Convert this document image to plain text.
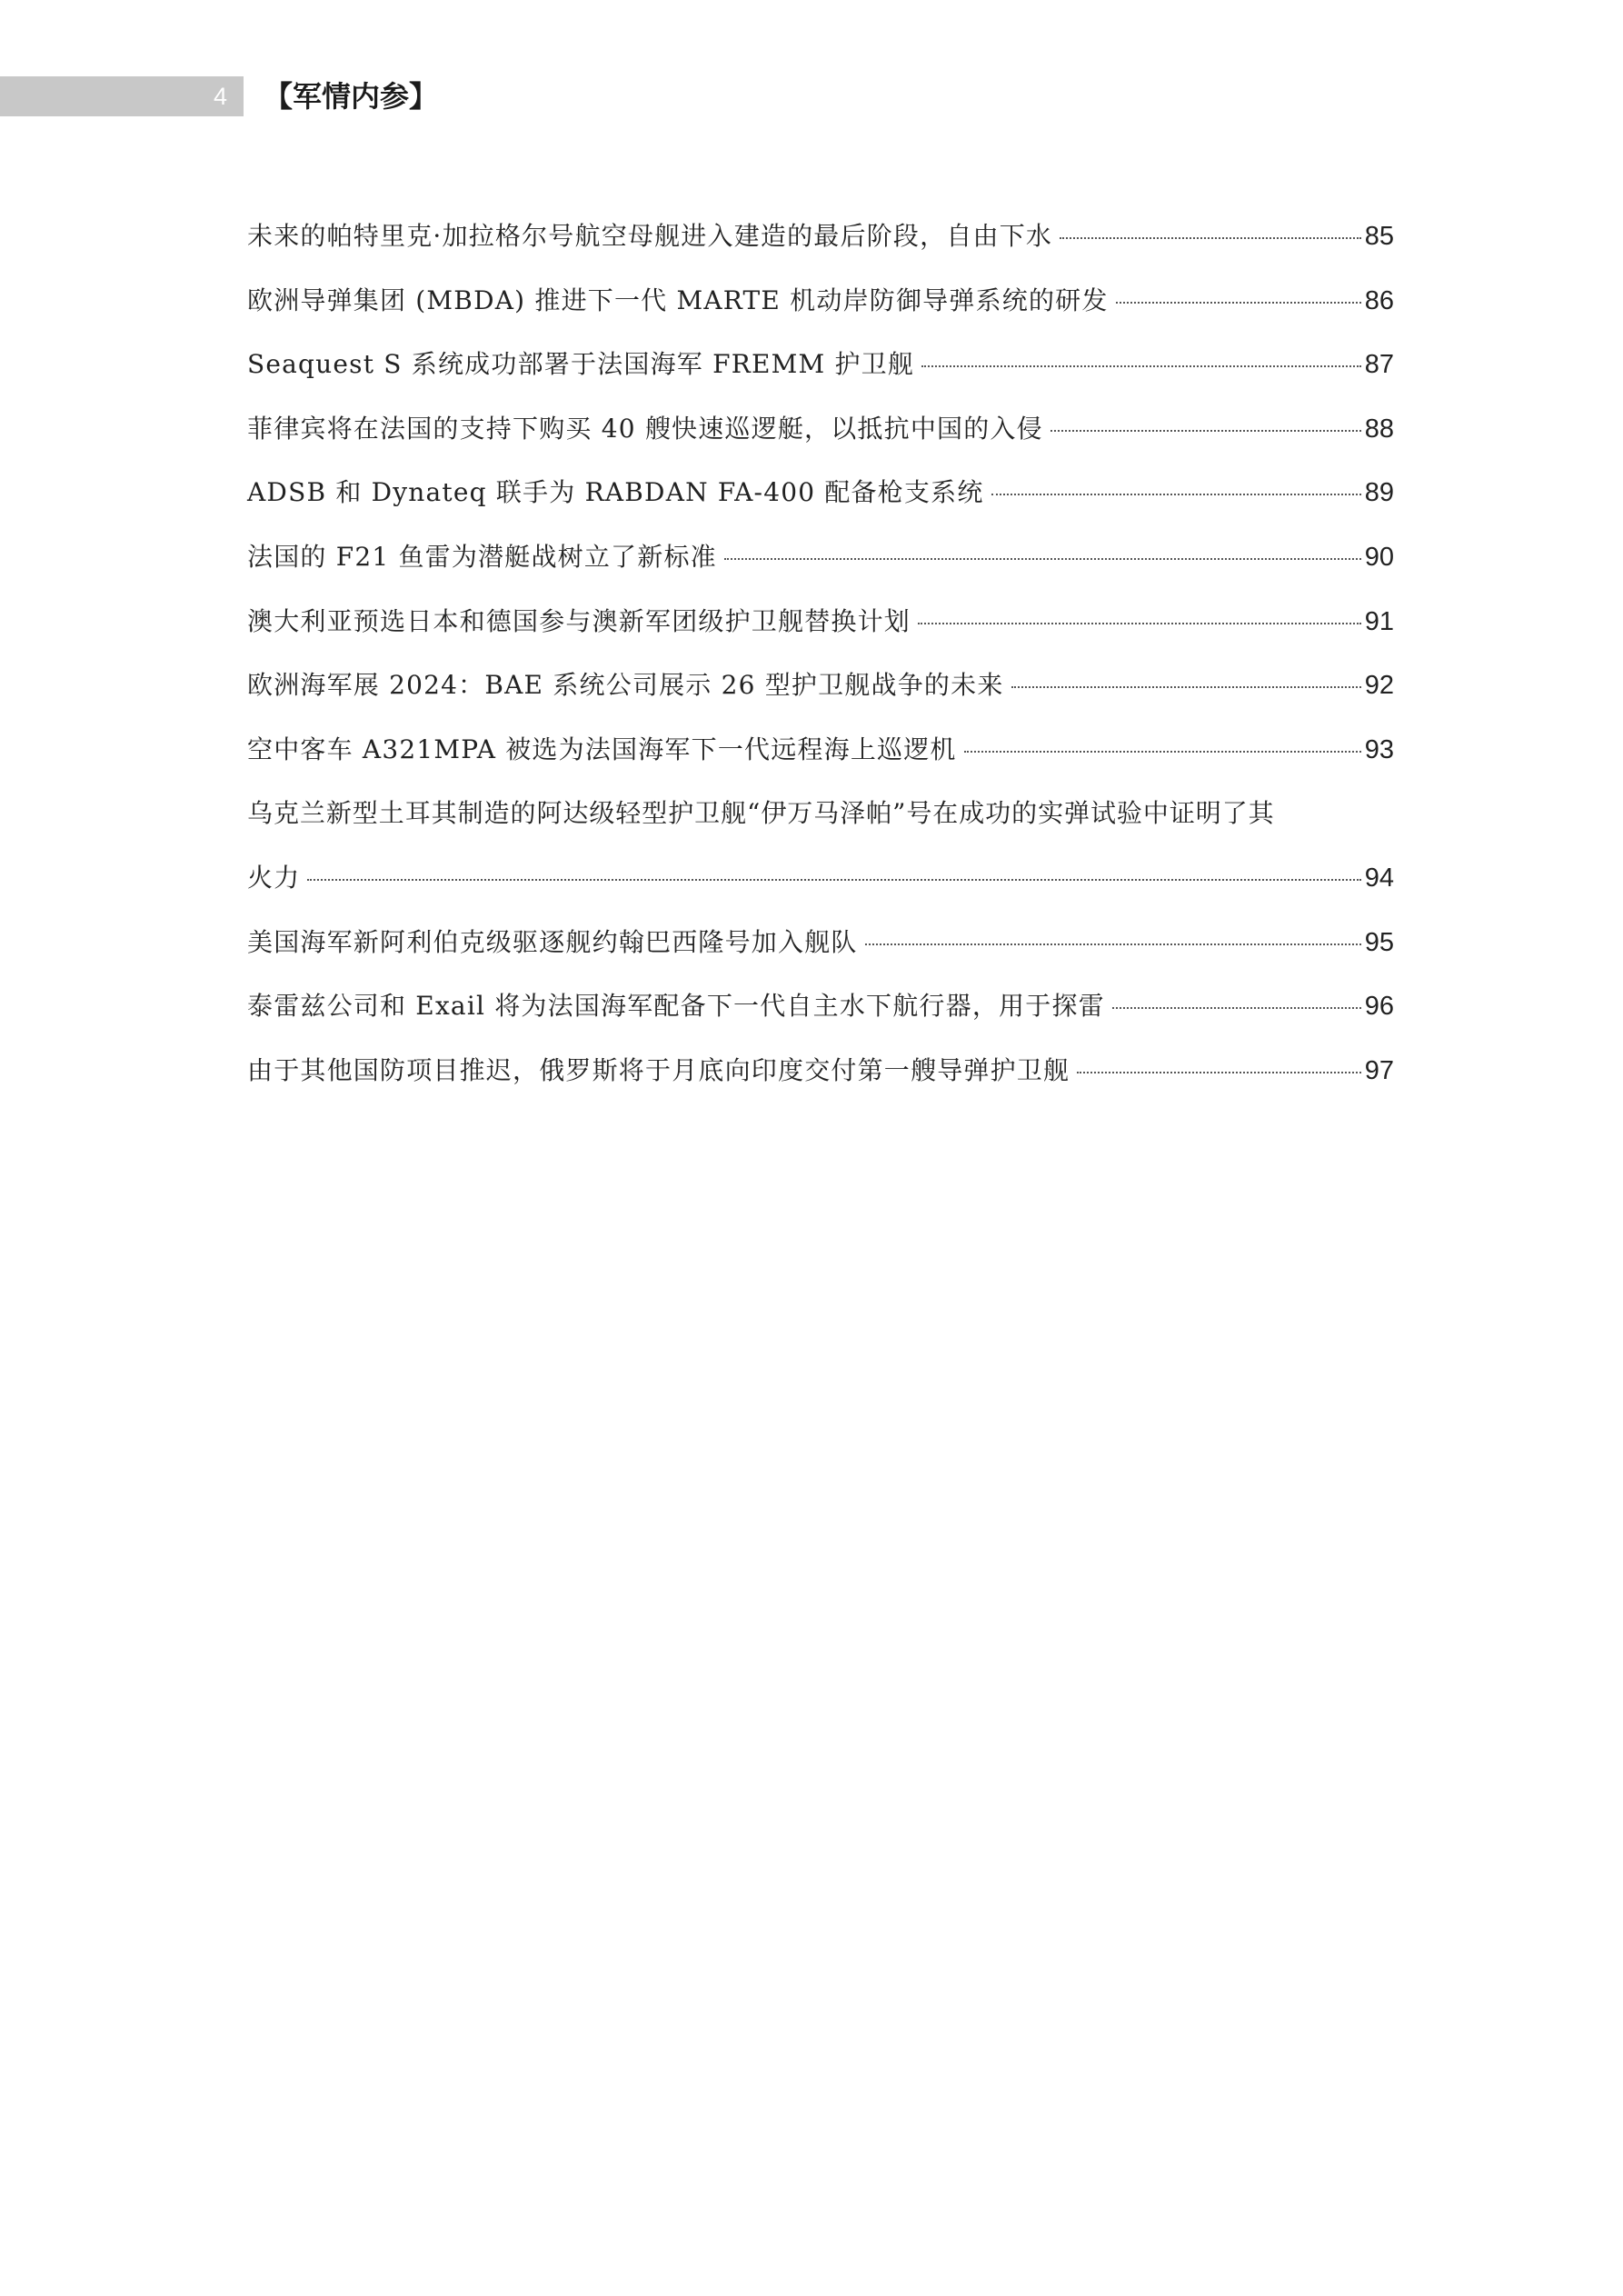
4 【军情内参】
未来的帕特里克·加拉格尔号航空母舰进入建造的最后阶段，自由下水	85
欧洲导弹集团 (MBDA) 推进下一代 MARTE 机动岸防御导弹系统的研发	86
Seaquest S 系统成功部署于法国海军 FREMM 护卫舰	87
菲律宾将在法国的支持下购买 40 艘快速巡逻艇，以抵抗中国的入侵	88
ADSB 和 Dynateq 联手为 RABDAN FA-400 配备枪支系统	89
法国的 F21 鱼雷为潜艇战树立了新标准	90
澳大利亚预选日本和德国参与澳新军团级护卫舰替换计划	91
欧洲海军展 2024：BAE 系统公司展示 26 型护卫舰战争的未来	92
空中客车 A321MPA 被选为法国海军下一代远程海上巡逻机	93
乌克兰新型土耳其制造的阿达级轻型护卫舰“伊万马泽帕”号在成功的实弹试验中证明了其
火力	94
美国海军新阿利伯克级驱逐舰约翰巴西隆号加入舰队	95
泰雷兹公司和 Exail 将为法国海军配备下一代自主水下航行器，用于探雷	96
由于其他国防项目推迟，俄罗斯将于月底向印度交付第一艘导弹护卫舰	97
